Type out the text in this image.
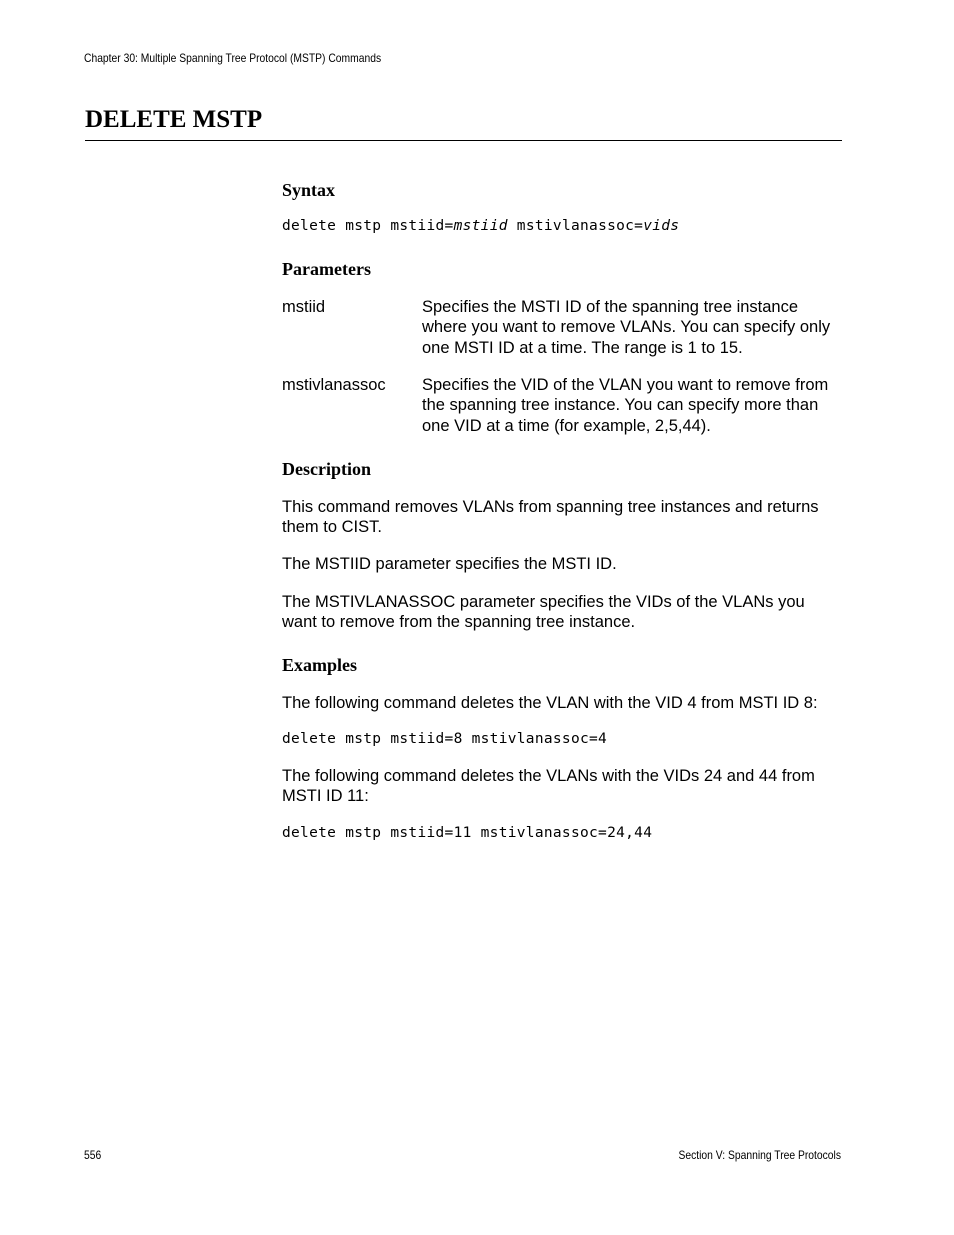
Chapter 30: Multiple Spanning Tree Protocol (MSTP) Commands
DELETE MSTP
Syntax
delete mstp mstiid=mstiid mstivlanassoc=vids
Parameters
mstiid	Specifies the MSTI ID of the spanning tree instance where you want to remove VLANs. You can specify only one MSTI ID at a time. The range is 1 to 15.
mstivlanassoc Specifies the VID of the VLAN you want to remove from the spanning tree instance. You can specify more than one VID at a time (for example, 2,5,44).
Description

This command removes VLANs from spanning tree instances and returns them to CIST.

The MSTIID parameter specifies the MSTI ID.

The MSTIVLANASSOC parameter specifies the VIDs of the VLANs you want to remove from the spanning tree instance.

Examples

The following command deletes the VLAN with the VID 4 from MSTI ID 8:

delete mstp mstiid=8 mstivlanassoc=4

The following command deletes the VLANs with the VIDs 24 and 44 from MSTI ID 11:

delete mstp mstiid=11 mstivlanassoc=24,44
556	Section V: Spanning Tree Protocols
